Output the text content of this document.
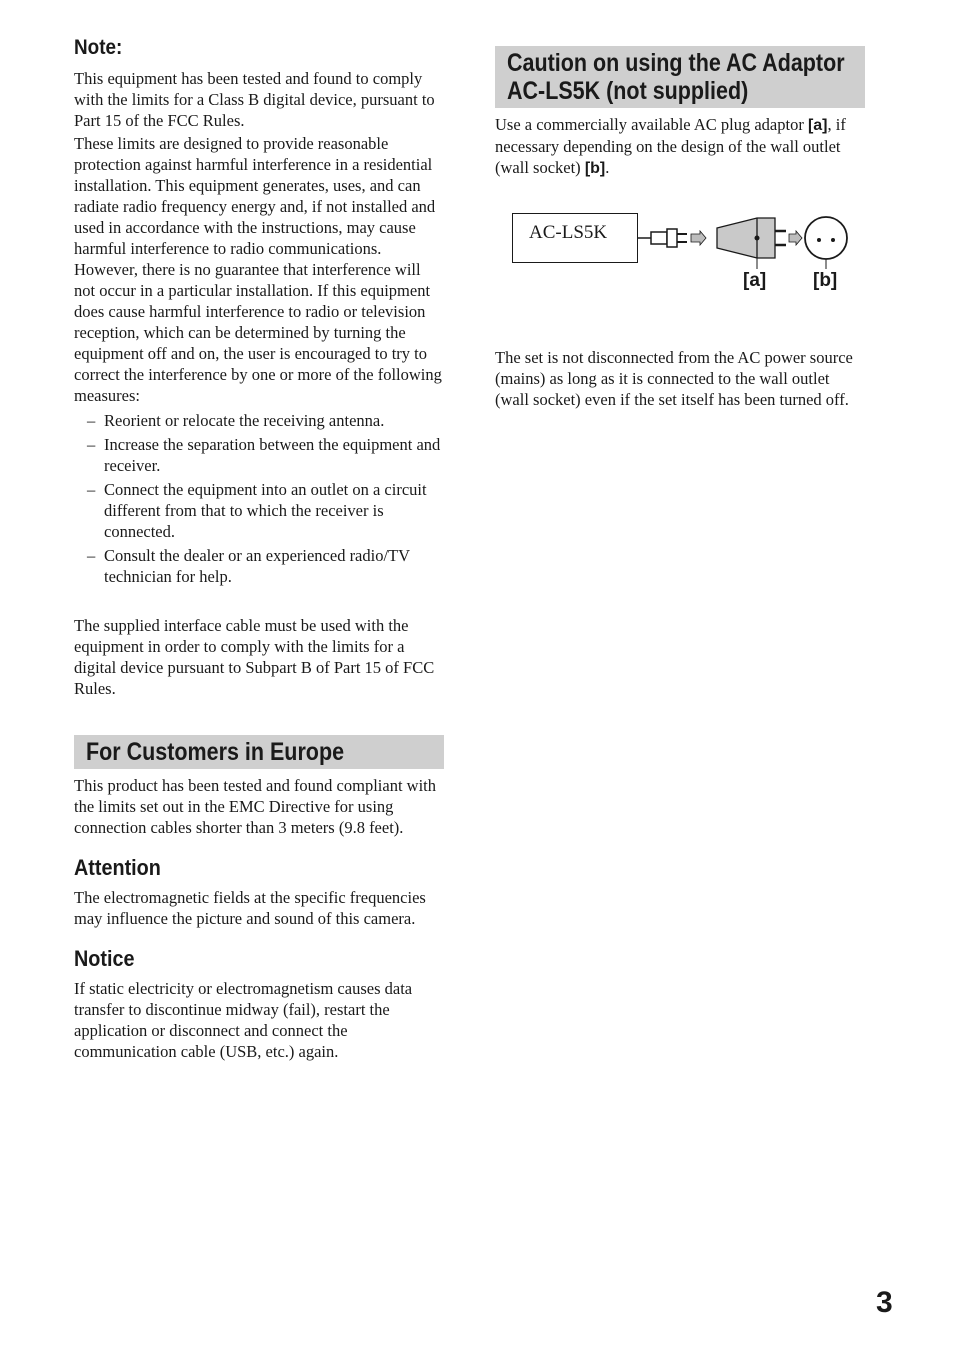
Note:

This equipment has been tested and found to comply with the limits for a Class B digital device, pursuant to Part 15 of the FCC Rules.

These limits are designed to provide reasonable protection against harmful interference in a residential installation. This equipment generates, uses, and can radiate radio frequency energy and, if not installed and used in accordance with the instructions, may cause harmful interference to radio communications. However, there is no guarantee that interference will not occur in a particular installation. If this equipment does cause harmful interference to radio or television reception, which can be determined by turning the equipment off and on, the user is encouraged to try to correct the interference by one or more of the following measures:

– Reorient or relocate the receiving antenna.
– Increase the separation between the equipment and receiver.
– Connect the equipment into an outlet on a circuit different from that to which the receiver is connected.
– Consult the dealer or an experienced radio/TV technician for help.

The supplied interface cable must be used with the equipment in order to comply with the limits for a digital device pursuant to Subpart B of Part 15 of FCC Rules.

For Customers in Europe

This product has been tested and found compliant with the limits set out in the EMC Directive for using connection cables shorter than 3 meters (9.8 feet).

Attention

The electromagnetic fields at the specific frequencies may influence the picture and sound of this camera.

Notice

If static electricity or electromagnetism causes data transfer to discontinue midway (fail), restart the application or disconnect and connect the communication cable (USB, etc.) again.

Caution on using the AC Adaptor
AC-LS5K (not supplied)

Use a commercially available AC plug adaptor [a], if necessary depending on the design of the wall outlet (wall socket) [b].

AC-LS5K
[a] [b]

The set is not disconnected from the AC power source (mains) as long as it is connected to the wall outlet (wall socket) even if the set itself has been turned off.

3
